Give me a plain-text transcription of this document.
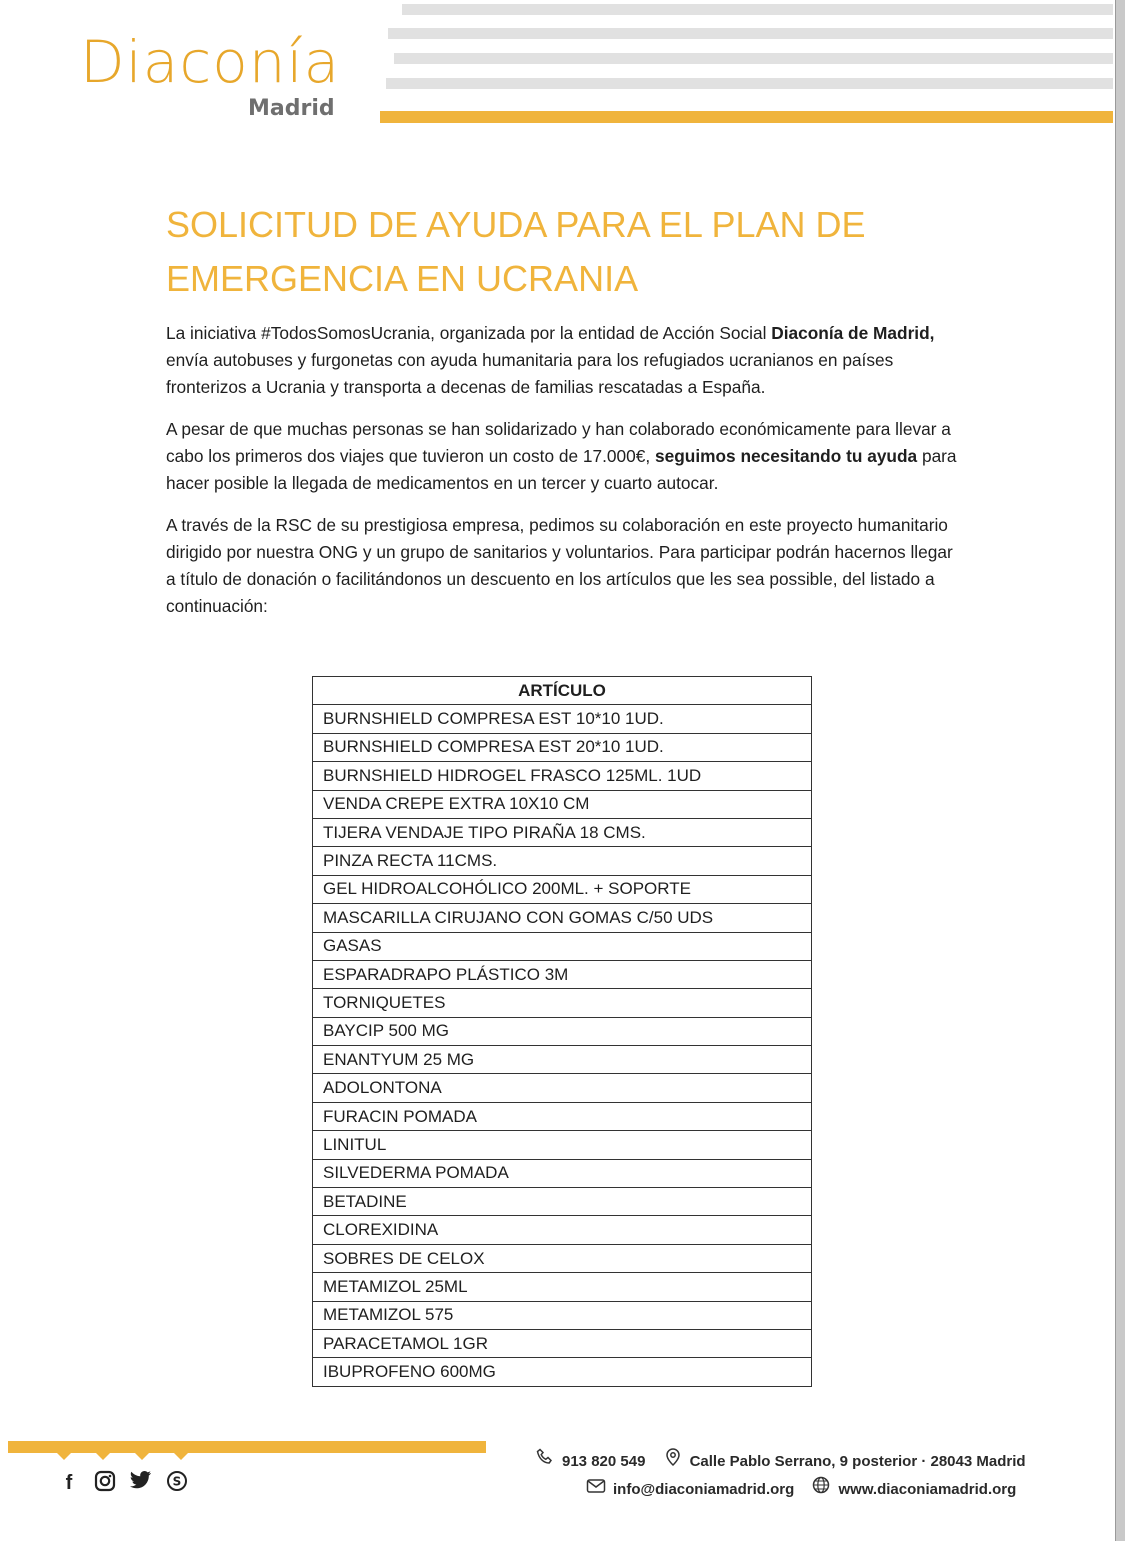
Diaconía
Madrid
SOLICITUD DE AYUDA PARA EL PLAN DE EMERGENCIA EN UCRANIA

La iniciativa #TodosSomosUcrania, organizada por la entidad de Acción Social Diaconía de Madrid, envía autobuses y furgonetas con ayuda humanitaria para los refugiados ucranianos en países fronterizos a Ucrania y transporta a decenas de familias rescatadas a España.

A pesar de que muchas personas se han solidarizado y han colaborado económicamente para llevar a cabo los primeros dos viajes que tuvieron un costo de 17.000€, seguimos necesitando tu ayuda para hacer posible la llegada de medicamentos en un tercer y cuarto autocar.

A través de la RSC de su prestigiosa empresa, pedimos su colaboración en este proyecto humanitario dirigido por nuestra ONG y un grupo de sanitarios y voluntarios. Para participar podrán hacernos llegar a título de donación o facilitándonos un descuento en los artículos que les sea possible, del listado a continuación:

ARTÍCULO
BURNSHIELD COMPRESA EST 10*10 1UD.
BURNSHIELD COMPRESA EST 20*10 1UD.
BURNSHIELD HIDROGEL FRASCO 125ML. 1UD
VENDA CREPE EXTRA 10X10 CM
TIJERA VENDAJE TIPO PIRAÑA 18 CMS.
PINZA RECTA 11CMS.
GEL HIDROALCOHÓLICO 200ML. + SOPORTE
MASCARILLA CIRUJANO CON GOMAS C/50 UDS
GASAS
ESPARADRAPO PLÁSTICO 3M
TORNIQUETES
BAYCIP 500 MG
ENANTYUM 25 MG
ADOLONTONA
FURACIN POMADA
LINITUL
SILVEDERMA POMADA
BETADINE
CLOREXIDINA
SOBRES DE CELOX
METAMIZOL 25ML
METAMIZOL 575
PARACETAMOL 1GR
IBUPROFENO 600MG
f	S
913 820 549	Calle Pablo Serrano, 9 posterior · 28043 Madrid
info@diaconiamadrid.org	www.diaconiamadrid.org
